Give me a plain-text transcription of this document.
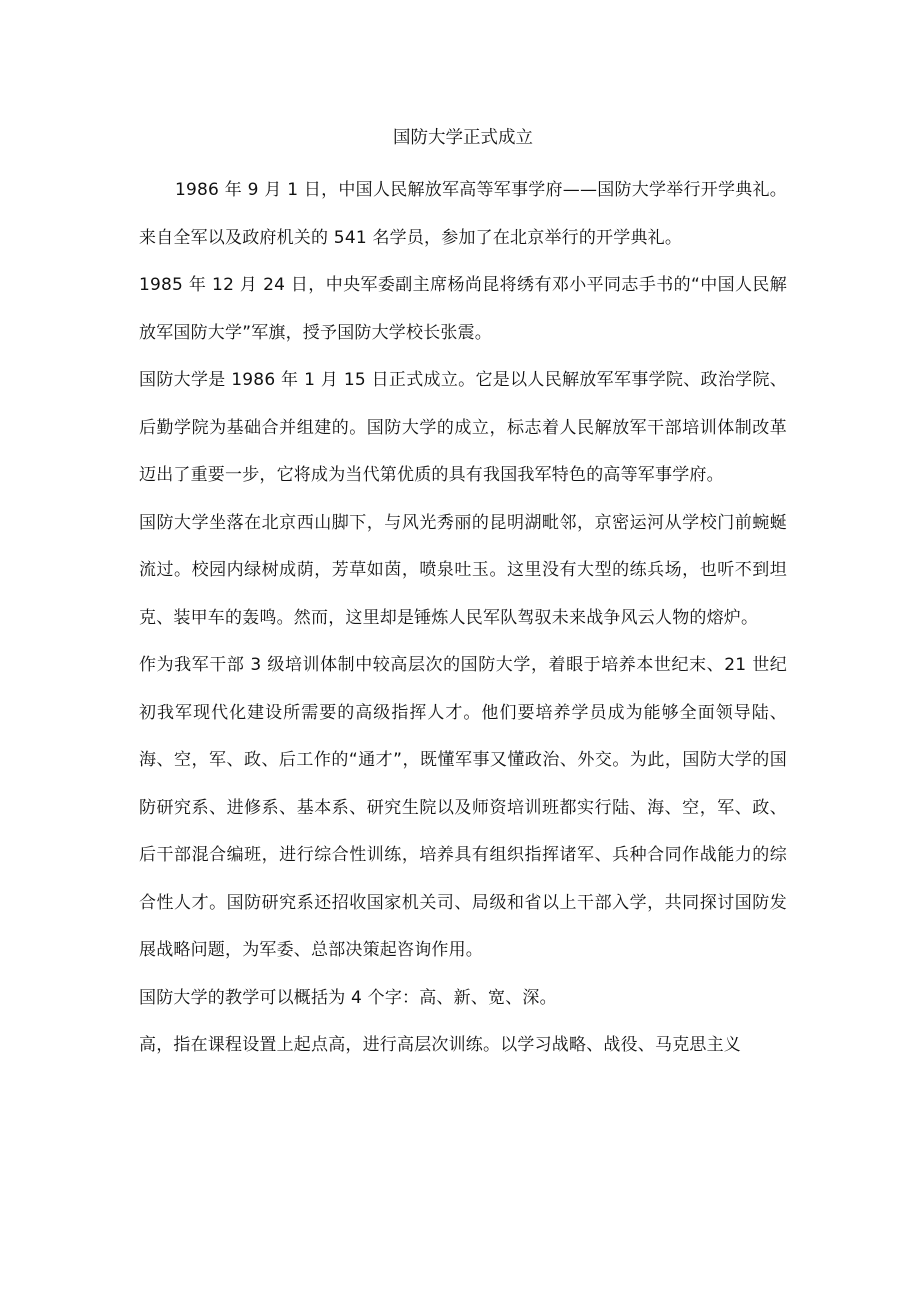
国防大学正式成立

1986 年 9 月 1 日，中国人民解放军高等军事学府——国防大学举行开学典礼。来自全军以及政府机关的 541 名学员，参加了在北京举行的开学典礼。

1985 年 12 月 24 日，中央军委副主席杨尚昆将绣有邓小平同志手书的“中国人民解放军国防大学”军旗，授予国防大学校长张震。

国防大学是 1986 年 1 月 15 日正式成立。它是以人民解放军军事学院、政治学院、后勤学院为基础合并组建的。国防大学的成立，标志着人民解放军干部培训体制改革迈出了重要一步，它将成为当代第优质的具有我国我军特色的高等军事学府。

国防大学坐落在北京西山脚下，与风光秀丽的昆明湖毗邻，京密运河从学校门前蜿蜒流过。校园内绿树成荫，芳草如茵，喷泉吐玉。这里没有大型的练兵场，也听不到坦克、装甲车的轰鸣。然而，这里却是锤炼人民军队驾驭未来战争风云人物的熔炉。

作为我军干部 3 级培训体制中较高层次的国防大学，着眼于培养本世纪末、21 世纪初我军现代化建设所需要的高级指挥人才。他们要培养学员成为能够全面领导陆、海、空，军、政、后工作的“通才”，既懂军事又懂政治、外交。为此，国防大学的国防研究系、进修系、基本系、研究生院以及师资培训班都实行陆、海、空，军、政、后干部混合编班，进行综合性训练，培养具有组织指挥诸军、兵种合同作战能力的综合性人才。国防研究系还招收国家机关司、局级和省以上干部入学，共同探讨国防发展战略问题，为军委、总部决策起咨询作用。

国防大学的教学可以概括为 4 个字：高、新、宽、深。

高，指在课程设置上起点高，进行高层次训练。以学习战略、战役、马克思主义
